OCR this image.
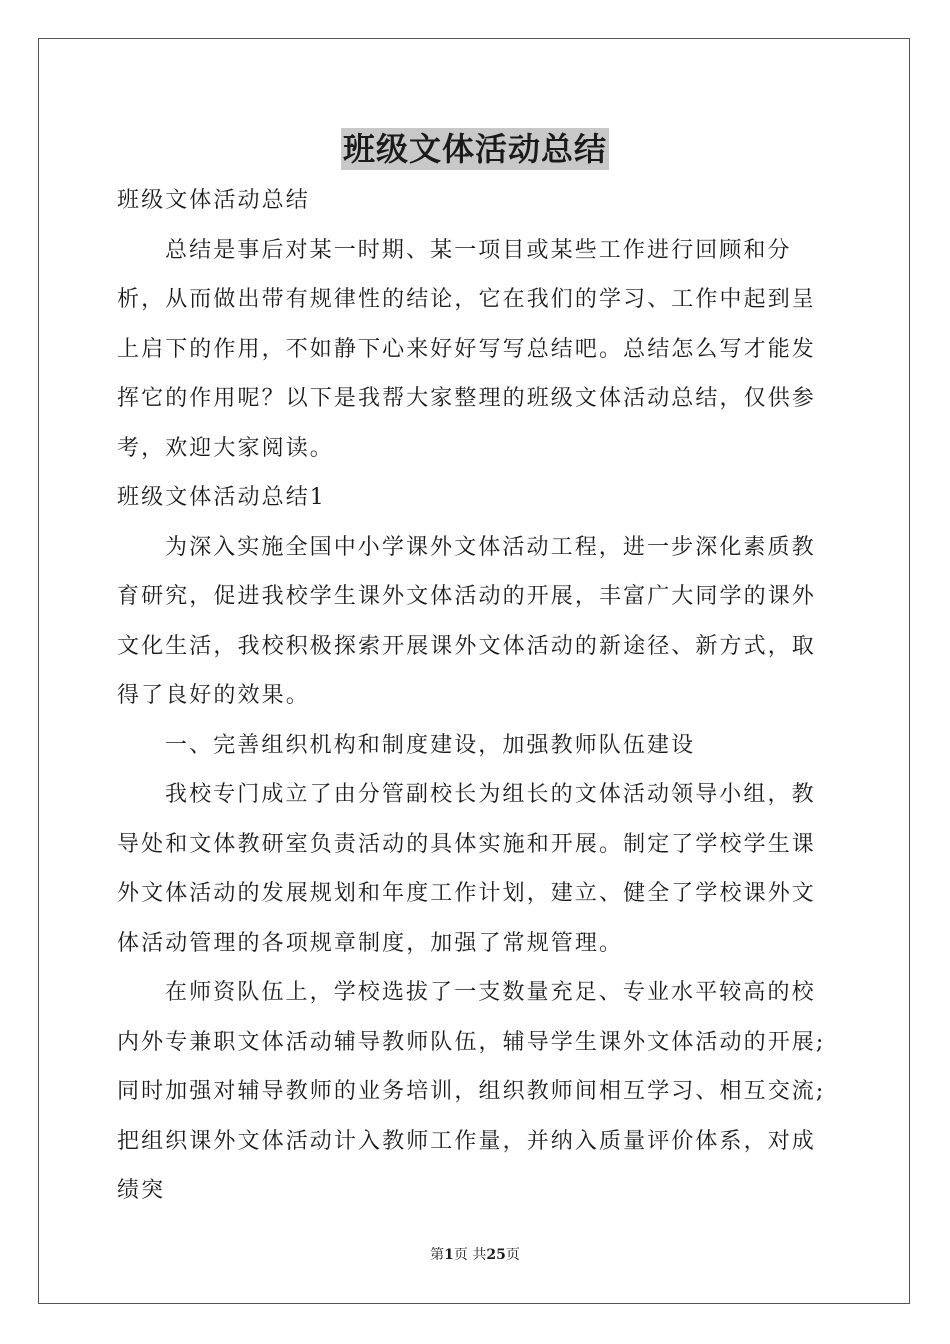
班级文体活动总结

班级文体活动总结

总结是事后对某一时期、某一项目或某些工作进行回顾和分析，从而做出带有规律性的结论，它在我们的学习、工作中起到呈上启下的作用，不如静下心来好好写写总结吧。总结怎么写才能发挥它的作用呢？以下是我帮大家整理的班级文体活动总结，仅供参考，欢迎大家阅读。

班级文体活动总结1

为深入实施全国中小学课外文体活动工程，进一步深化素质教育研究，促进我校学生课外文体活动的开展，丰富广大同学的课外文化生活，我校积极探索开展课外文体活动的新途径、新方式，取得了良好的效果。

一、完善组织机构和制度建设，加强教师队伍建设

我校专门成立了由分管副校长为组长的文体活动领导小组，教导处和文体教研室负责活动的具体实施和开展。制定了学校学生课外文体活动的发展规划和年度工作计划，建立、健全了学校课外文体活动管理的各项规章制度，加强了常规管理。

在师资队伍上，学校选拔了一支数量充足、专业水平较高的校内外专兼职文体活动辅导教师队伍，辅导学生课外文体活动的开展;同时加强对辅导教师的业务培训，组织教师间相互学习、相互交流;把组织课外文体活动计入教师工作量，并纳入质量评价体系，对成绩突

第1页 共25页
